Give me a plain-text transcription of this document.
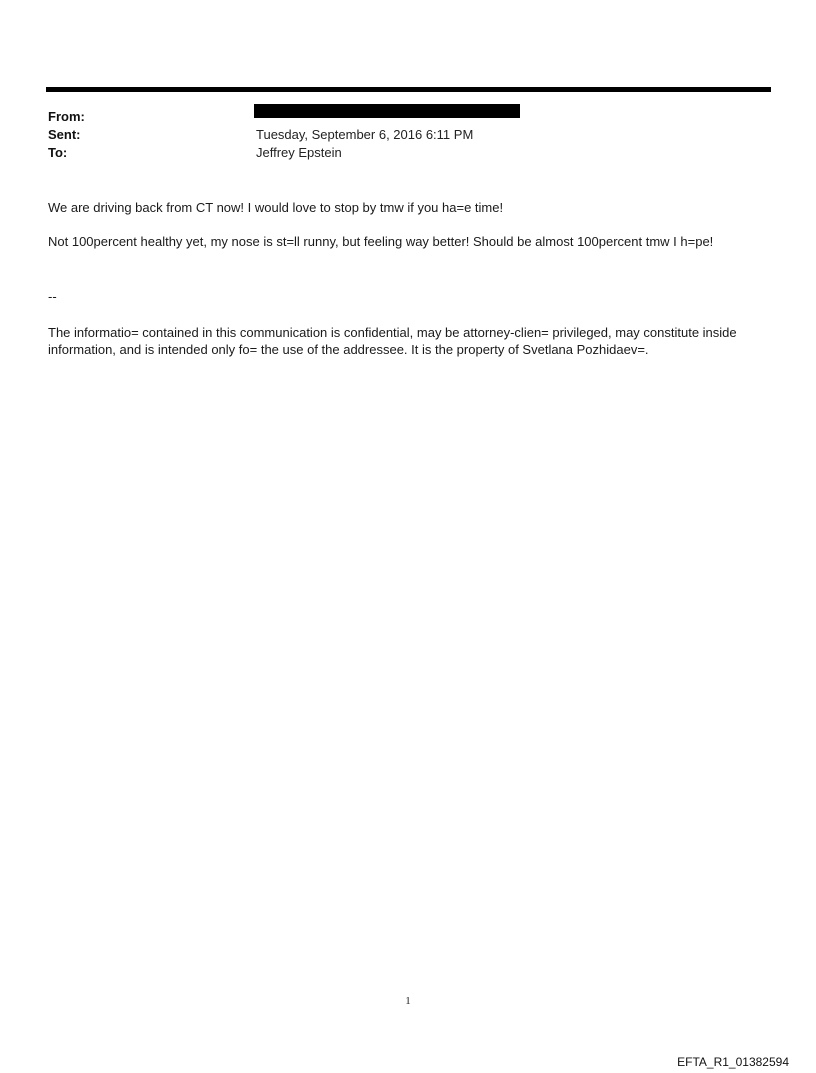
From:
Sent:	Tuesday, September 6, 2016 6:11 PM
To:	Jeffrey Epstein

We are driving back from CT now! I would love to stop by tmw if you ha=e time!

Not 100percent healthy yet, my nose is st=ll runny, but feeling way better! Should be almost 100percent tmw I h=pe!

--

The informatio= contained in this communication is confidential, may be attorney-clien= privileged, may constitute inside information, and is intended only fo= the use of the addressee. It is the property of Svetlana Pozhidaev=.

1
EFTA_R1_01382594
